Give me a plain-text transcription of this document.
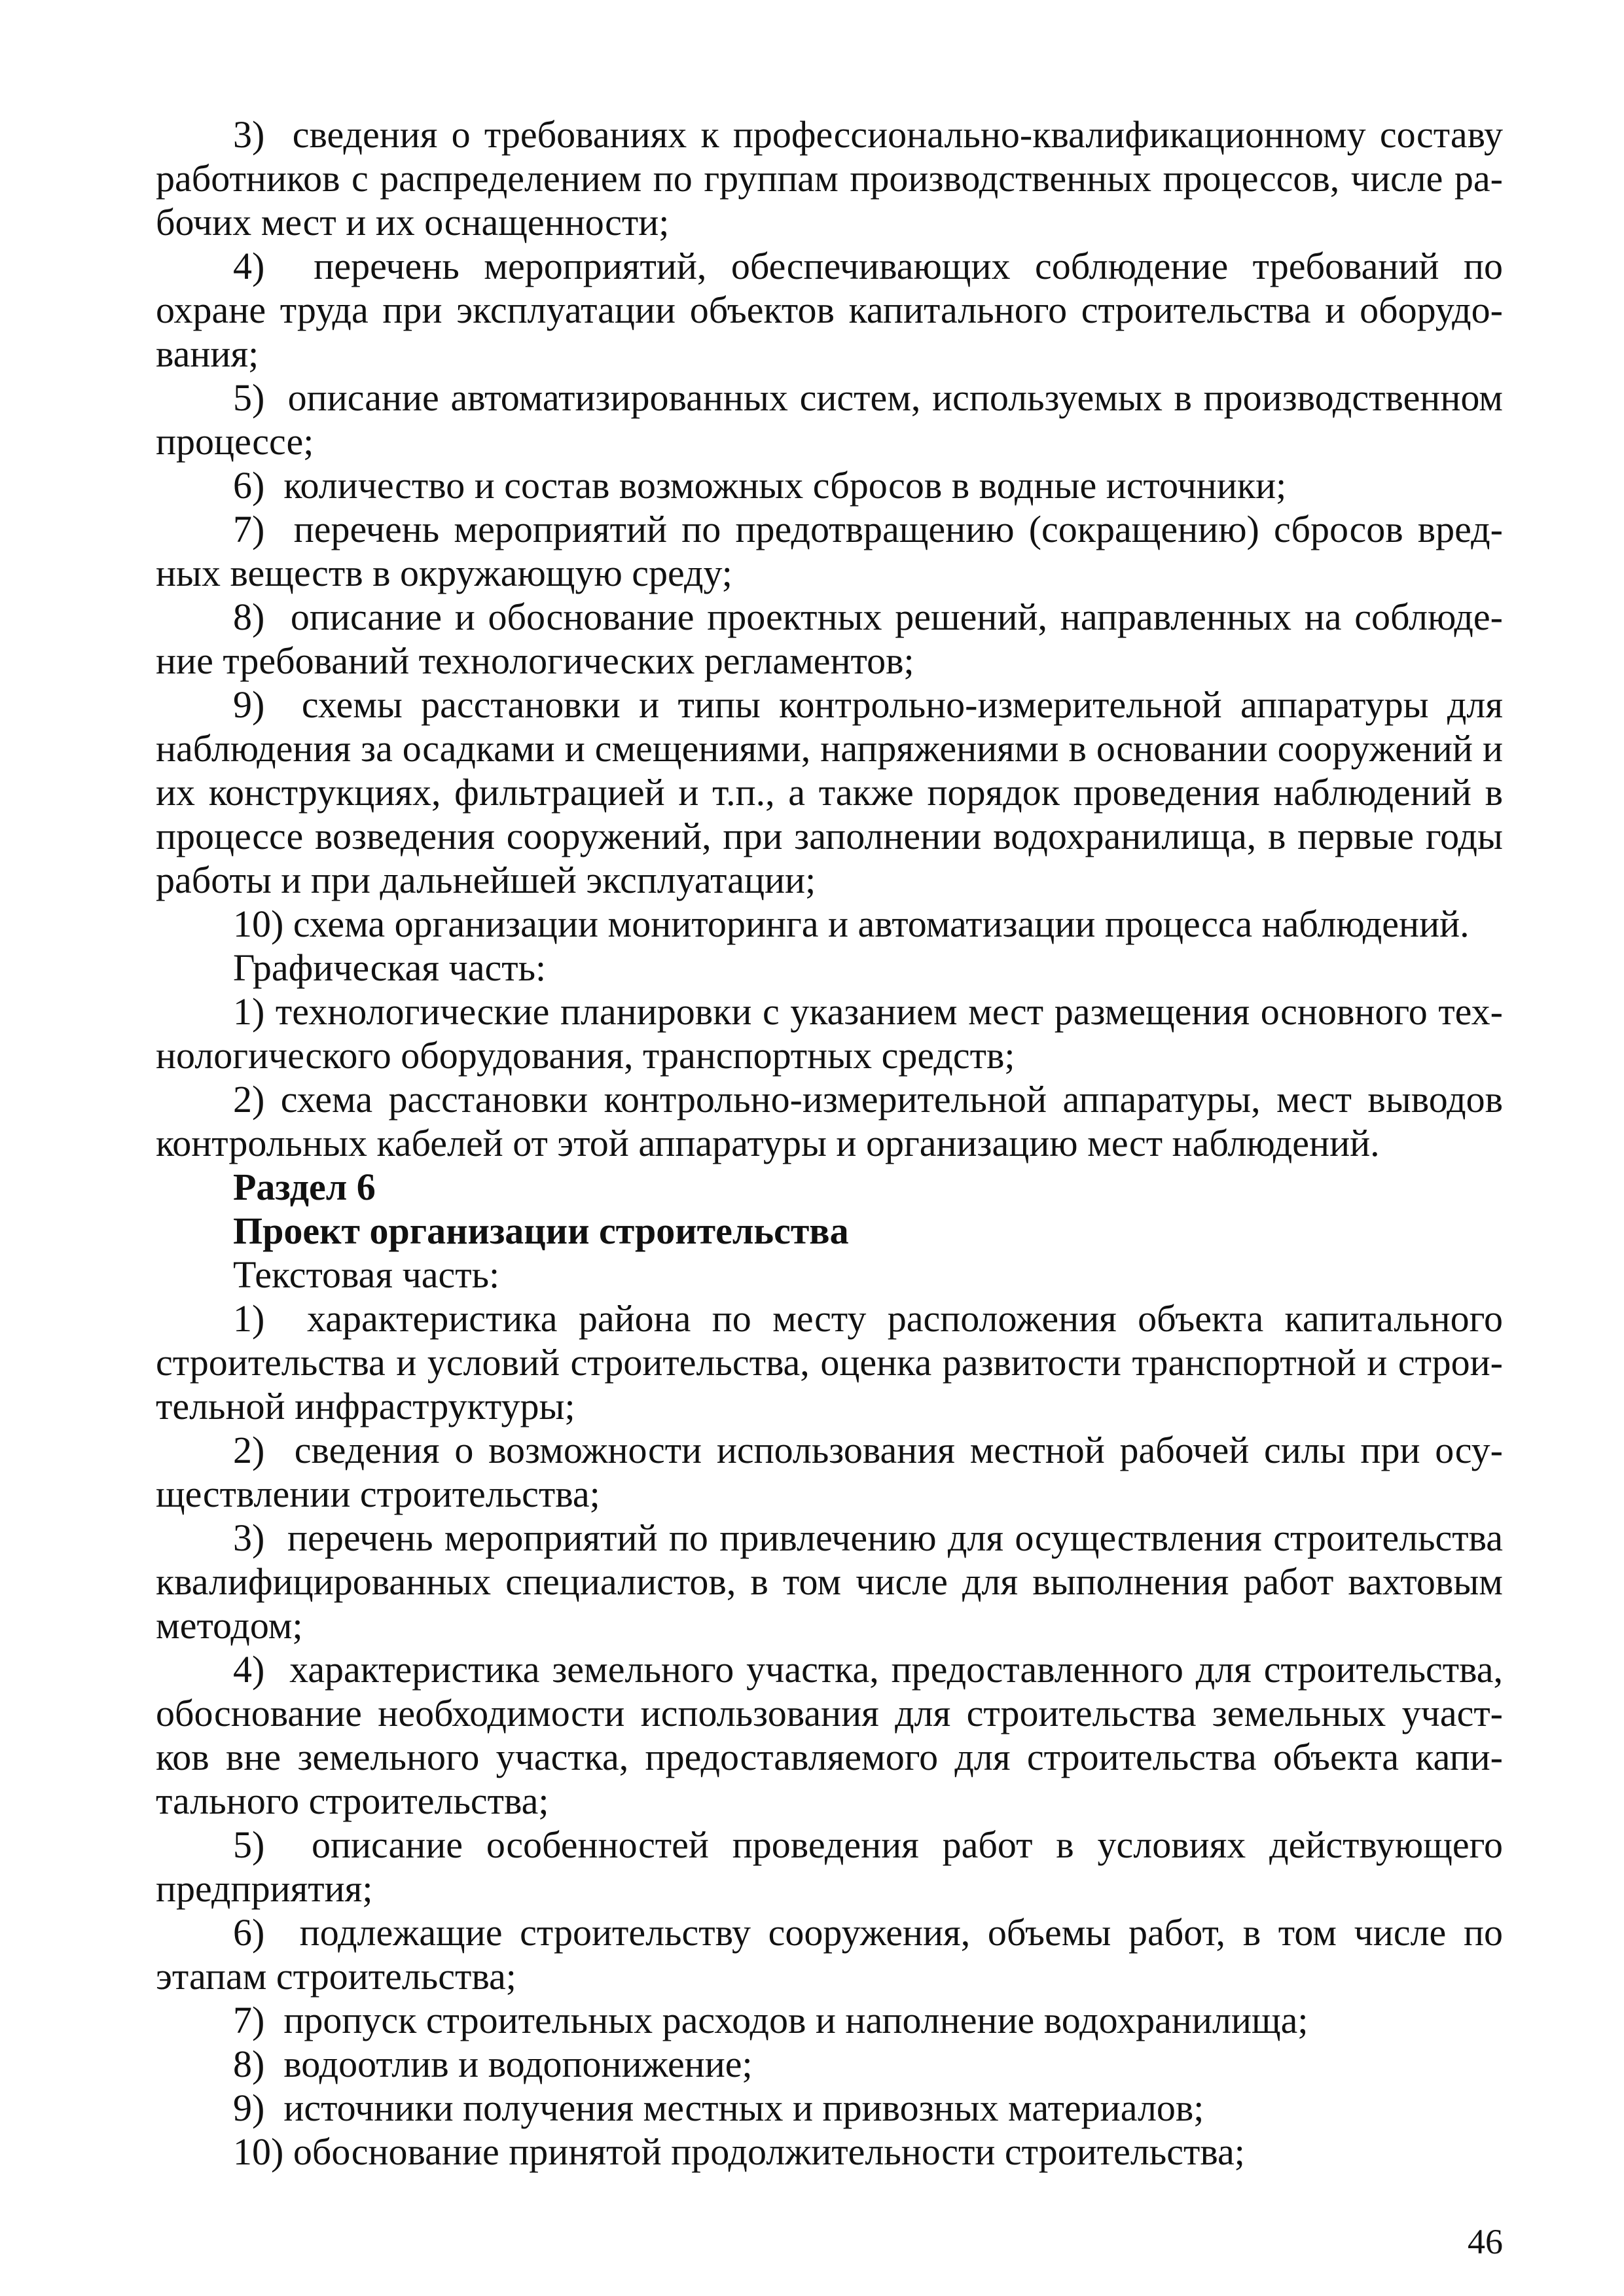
3)  сведения о требованиях к профессионально-квалификационному составу работников с распределением по группам производственных процессов, числе рабочих мест и их оснащенности;

4)  перечень мероприятий, обеспечивающих соблюдение требований по охране труда при эксплуатации объектов капитального строительства и оборудования;

5)  описание автоматизированных систем, используемых в производственном процессе;

6)  количество и состав возможных сбросов в водные источники;

7)  перечень мероприятий по предотвращению (сокращению) сбросов вредных веществ в окружающую среду;

8)  описание и обоснование проектных решений, направленных на соблюдение требований технологических регламентов;

9)  схемы расстановки и типы контрольно-измерительной аппаратуры для наблюдения за осадками и смещениями, напряжениями в основании сооружений и их конструкциях, фильтрацией и т.п., а также порядок проведения наблюдений в процессе возведения сооружений, при заполнении водохранилища, в первые годы работы и при дальнейшей эксплуатации;

10) схема организации мониторинга и автоматизации процесса наблюдений.

Графическая часть:

1) технологические планировки с указанием мест размещения основного технологического оборудования, транспортных средств;

2) схема расстановки контрольно-измерительной аппаратуры, мест выводов контрольных кабелей от этой аппаратуры и организацию мест наблюдений.

Раздел 6

Проект организации строительства

Текстовая часть:

1)  характеристика района по месту расположения объекта капитального строительства и условий строительства, оценка развитости транспортной и строительной инфраструктуры;

2)  сведения о возможности использования местной рабочей силы при осуществлении строительства;

3)  перечень мероприятий по привлечению для осуществления строительства квалифицированных специалистов, в том числе для выполнения работ вахтовым методом;

4)  характеристика земельного участка, предоставленного для строительства, обоснование необходимости использования для строительства земельных участков вне земельного участка, предоставляемого для строительства объекта капитального строительства;

5)  описание особенностей проведения работ в условиях действующего предприятия;

6)  подлежащие строительству сооружения, объемы работ, в том числе по этапам строительства;

7)  пропуск строительных расходов и наполнение водохранилища;

8)  водоотлив и водопонижение;

9)  источники получения местных и привозных материалов;

10) обоснование принятой продолжительности строительства;

46
